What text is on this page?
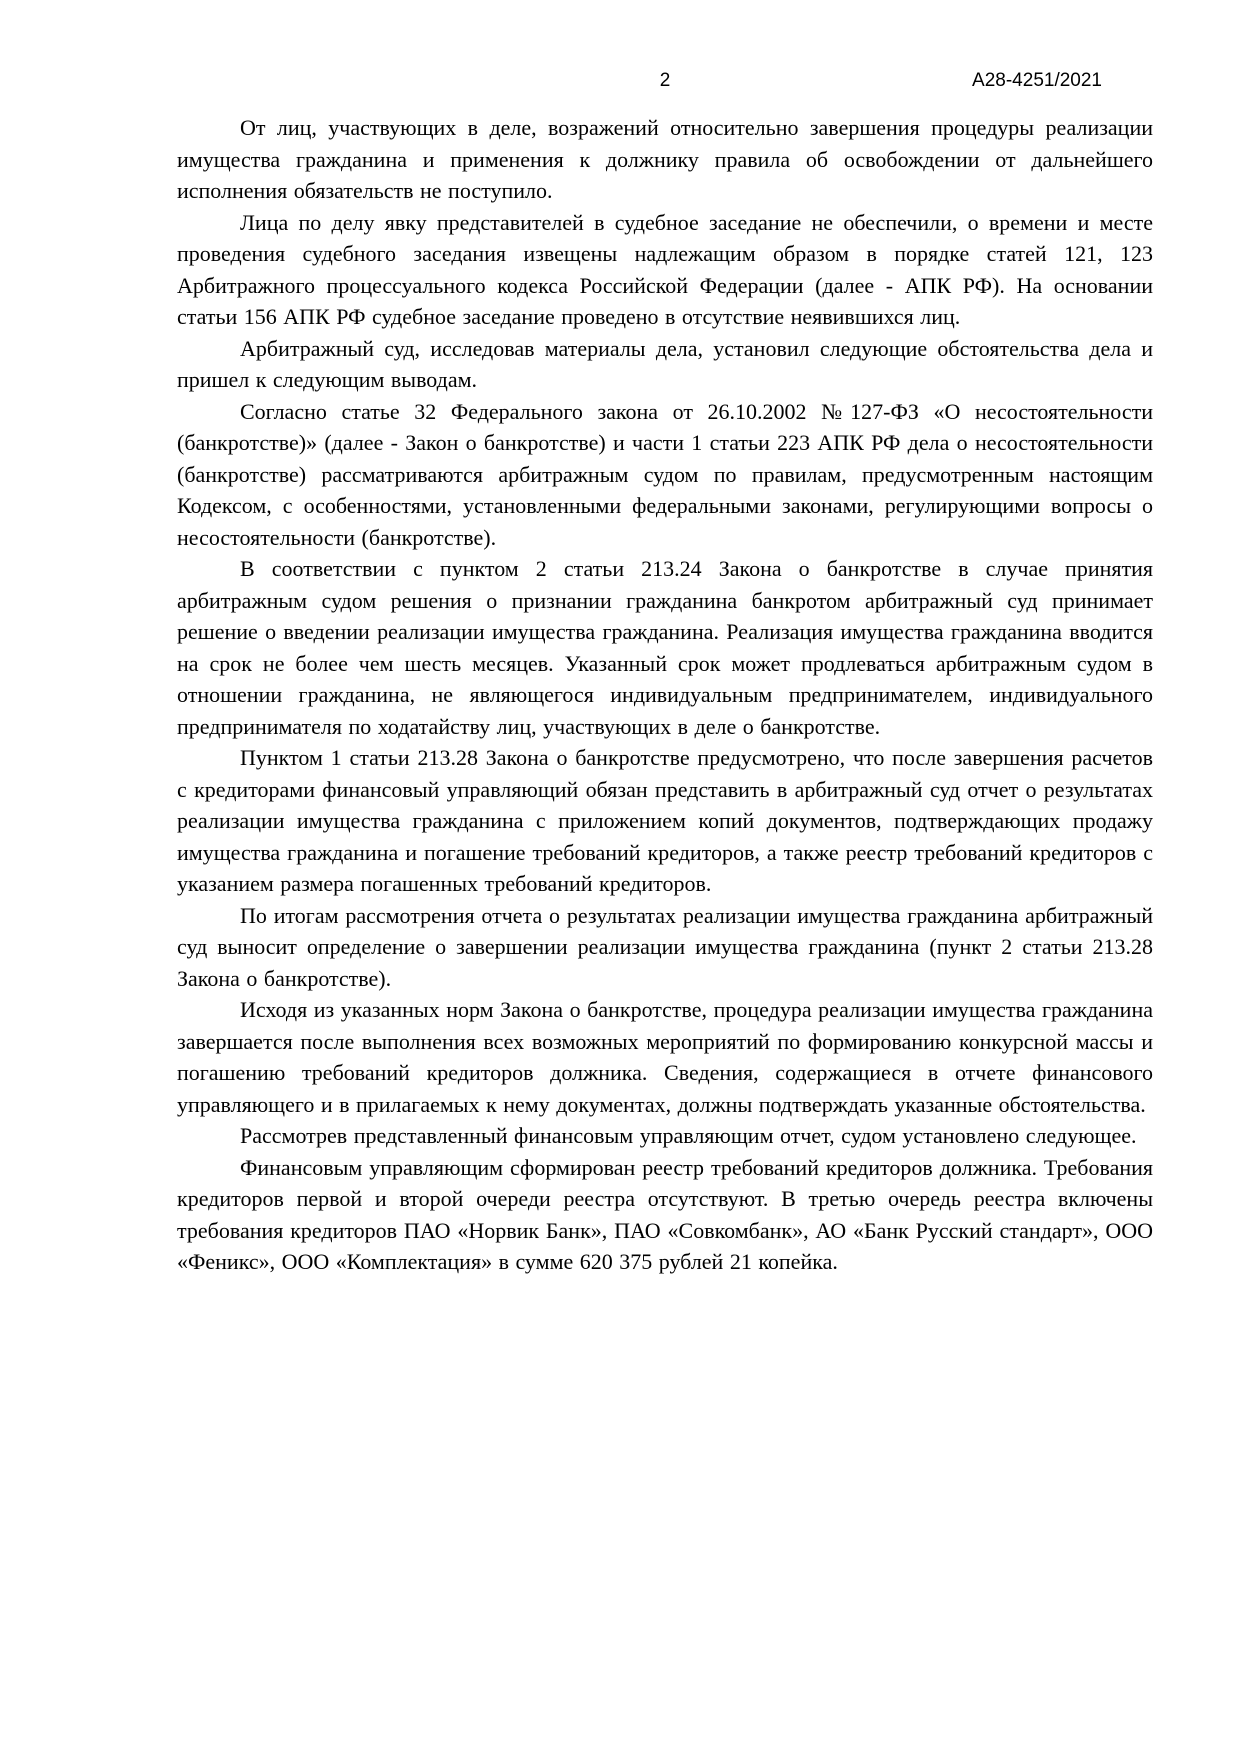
2	А28-4251/2021

От лиц, участвующих в деле, возражений относительно завершения процедуры реализации имущества гражданина и применения к должнику правила об освобождении от дальнейшего исполнения обязательств не поступило.

Лица по делу явку представителей в судебное заседание не обеспечили, о времени и месте проведения судебного заседания извещены надлежащим образом в порядке статей 121, 123 Арбитражного процессуального кодекса Российской Федерации (далее - АПК РФ). На основании статьи 156 АПК РФ судебное заседание проведено в отсутствие неявившихся лиц.

Арбитражный суд, исследовав материалы дела, установил следующие обстоятельства дела и пришел к следующим выводам.

Согласно статье 32 Федерального закона от 26.10.2002 №127-ФЗ «О несостоятельности (банкротстве)» (далее - Закон о банкротстве) и части 1 статьи 223 АПК РФ дела о несостоятельности (банкротстве) рассматриваются арбитражным судом по правилам, предусмотренным настоящим Кодексом, с особенностями, установленными федеральными законами, регулирующими вопросы о несостоятельности (банкротстве).

В соответствии с пунктом 2 статьи 213.24 Закона о банкротстве в случае принятия арбитражным судом решения о признании гражданина банкротом арбитражный суд принимает решение о введении реализации имущества гражданина. Реализация имущества гражданина вводится на срок не более чем шесть месяцев. Указанный срок может продлеваться арбитражным судом в отношении гражданина, не являющегося индивидуальным предпринимателем, индивидуального предпринимателя по ходатайству лиц, участвующих в деле о банкротстве.

Пунктом 1 статьи 213.28 Закона о банкротстве предусмотрено, что после завершения расчетов с кредиторами финансовый управляющий обязан представить в арбитражный суд отчет о результатах реализации имущества гражданина с приложением копий документов, подтверждающих продажу имущества гражданина и погашение требований кредиторов, а также реестр требований кредиторов с указанием размера погашенных требований кредиторов.

По итогам рассмотрения отчета о результатах реализации имущества гражданина арбитражный суд выносит определение о завершении реализации имущества гражданина (пункт 2 статьи 213.28 Закона о банкротстве).

Исходя из указанных норм Закона о банкротстве, процедура реализации имущества гражданина завершается после выполнения всех возможных мероприятий по формированию конкурсной массы и погашению требований кредиторов должника. Сведения, содержащиеся в отчете финансового управляющего и в прилагаемых к нему документах, должны подтверждать указанные обстоятельства.

Рассмотрев представленный финансовым управляющим отчет, судом установлено следующее.

Финансовым управляющим сформирован реестр требований кредиторов должника. Требования кредиторов первой и второй очереди реестра отсутствуют. В третью очередь реестра включены требования кредиторов ПАО «Норвик Банк», ПАО «Совкомбанк», АО «Банк Русский стандарт», ООО «Феникс», ООО «Комплектация» в сумме 620 375 рублей 21 копейка.
